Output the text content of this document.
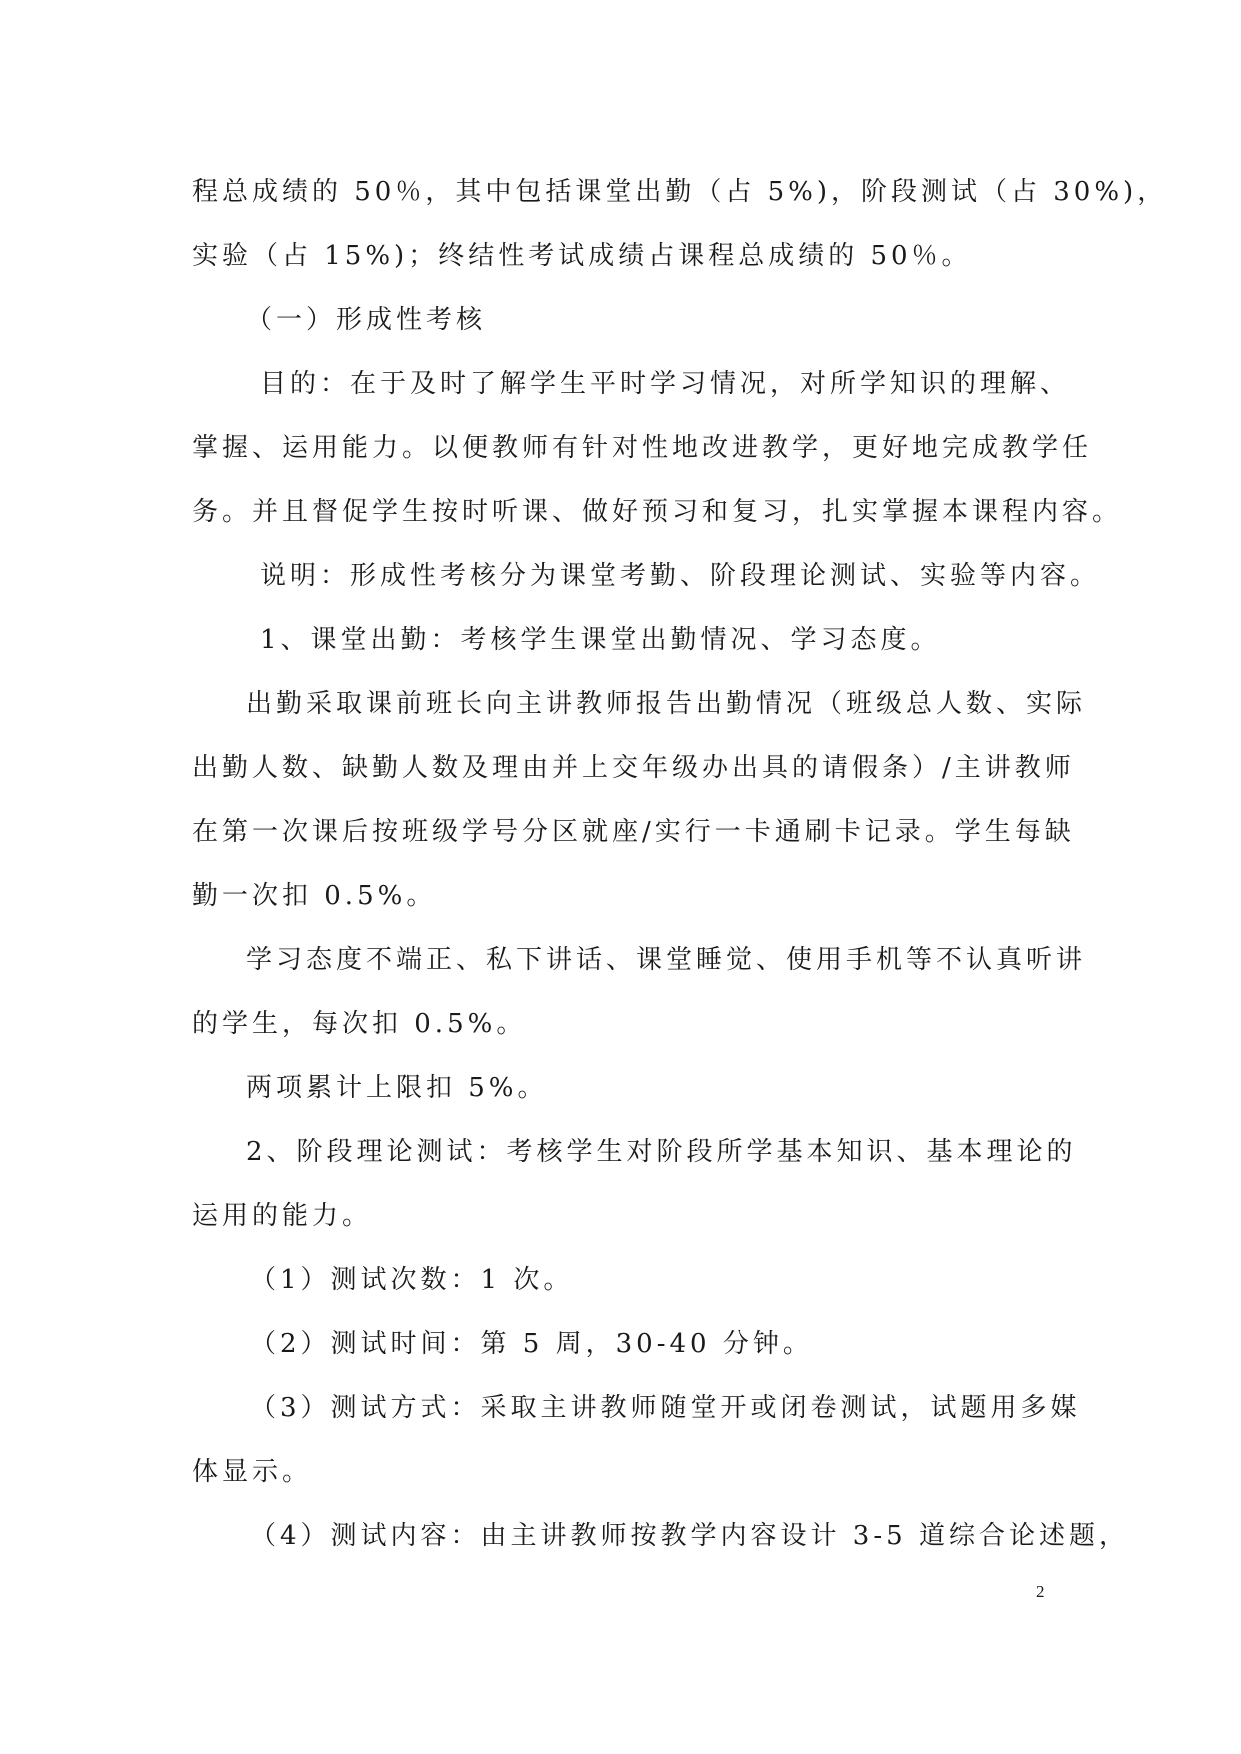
程总成绩的 50％，其中包括课堂出勤（占 5%)，阶段测试（占 30%)，
实验（占 15%)；终结性考试成绩占课程总成绩的 50％。
（一）形成性考核
目的：在于及时了解学生平时学习情况，对所学知识的理解、
掌握、运用能力。以便教师有针对性地改进教学，更好地完成教学任
务。并且督促学生按时听课、做好预习和复习，扎实掌握本课程内容。
说明：形成性考核分为课堂考勤、阶段理论测试、实验等内容。
1、课堂出勤：考核学生课堂出勤情况、学习态度。
出勤采取课前班长向主讲教师报告出勤情况（班级总人数、实际
出勤人数、缺勤人数及理由并上交年级办出具的请假条）/主讲教师
在第一次课后按班级学号分区就座/实行一卡通刷卡记录。学生每缺
勤一次扣 0.5%。
学习态度不端正、私下讲话、课堂睡觉、使用手机等不认真听讲
的学生，每次扣 0.5%。
两项累计上限扣 5%。
2、阶段理论测试：考核学生对阶段所学基本知识、基本理论的
运用的能力。
（1）测试次数：1 次。
（2）测试时间：第 5 周，30-40 分钟。
（3）测试方式：采取主讲教师随堂开或闭卷测试，试题用多媒
体显示。
（4）测试内容：由主讲教师按教学内容设计 3-5 道综合论述题，
2
